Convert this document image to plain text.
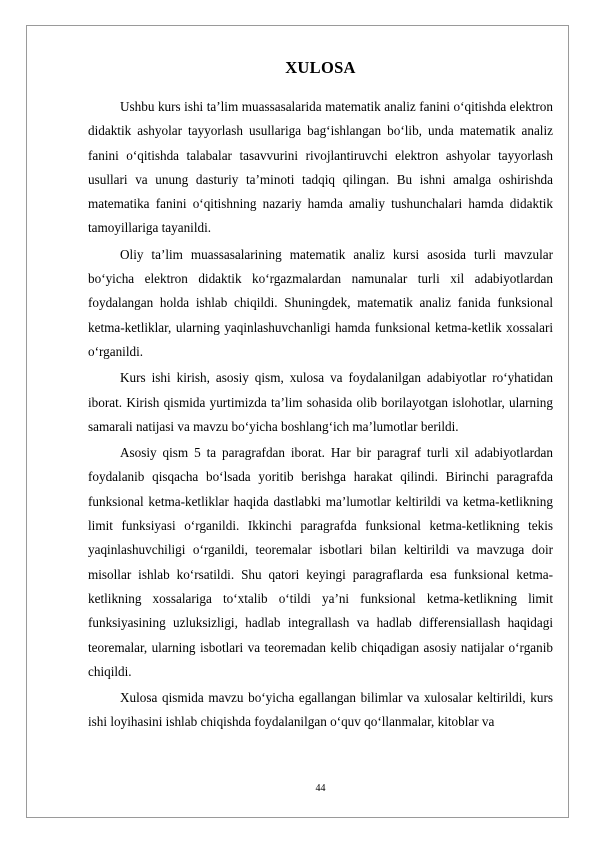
XULOSA

Ushbu kurs ishi ta’lim muassasalarida matematik analiz fanini o‘qitishda elektron didaktik ashyolar tayyorlash usullariga bag‘ishlangan bo‘lib, unda matematik analiz fanini o‘qitishda talabalar tasavvurini rivojlantiruvchi elektron ashyolar tayyorlash usullari va unung dasturiy ta’minoti tadqiq qilingan. Bu ishni amalga oshirishda matematika fanini o‘qitishning nazariy hamda amaliy tushunchalari hamda didaktik tamoyillariga tayanildi.

Oliy ta’lim muassasalarining matematik analiz kursi asosida turli mavzular bo‘yicha elektron didaktik ko‘rgazmalardan namunalar turli xil adabiyotlardan foydalangan holda ishlab chiqildi. Shuningdek, matematik analiz fanida funksional ketma-ketliklar, ularning yaqinlashuvchanligi hamda funksional ketma-ketlik xossalari o‘rganildi.

Kurs ishi kirish, asosiy qism, xulosa va foydalanilgan adabiyotlar ro‘yhatidan iborat. Kirish qismida yurtimizda ta’lim sohasida olib borilayotgan islohotlar, ularning samarali natijasi va mavzu bo‘yicha boshlang‘ich ma’lumotlar berildi.

Asosiy qism 5 ta paragrafdan iborat. Har bir paragraf turli xil adabiyotlardan foydalanib qisqacha bo‘lsada yoritib berishga harakat qilindi. Birinchi paragrafda funksional ketma-ketliklar haqida dastlabki ma’lumotlar keltirildi va ketma-ketlikning limit funksiyasi o‘rganildi. Ikkinchi paragrafda funksional ketma-ketlikning tekis yaqinlashuvchiligi o‘rganildi, teoremalar isbotlari bilan keltirildi va mavzuga doir misollar ishlab ko‘rsatildi. Shu qatori keyingi paragraflarda esa funksional ketma-ketlikning xossalariga to‘xtalib o‘tildi ya’ni funksional ketma-ketlikning limit funksiyasining uzluksizligi, hadlab integrallash va hadlab differensiallash haqidagi teoremalar, ularning isbotlari va teoremadan kelib chiqadigan asosiy natijalar o‘rganib chiqildi.

Xulosa qismida mavzu bo‘yicha egallangan bilimlar va xulosalar keltirildi, kurs ishi loyihasini ishlab chiqishda foydalanilgan o‘quv qo‘llanmalar, kitoblar va

44
